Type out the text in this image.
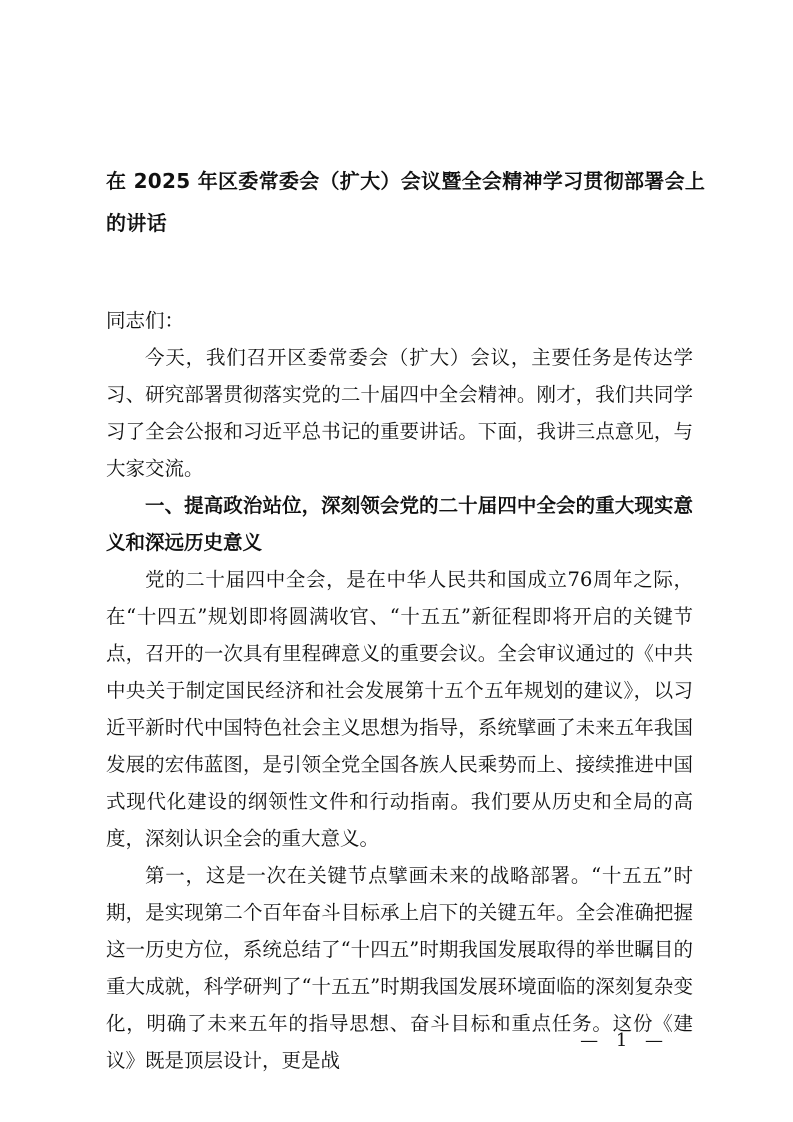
在 2025 年区委常委会（扩大）会议暨全会精神学习贯彻部署会上的讲话

同志们：

今天，我们召开区委常委会（扩大）会议，主要任务是传达学习、研究部署贯彻落实党的二十届四中全会精神。刚才，我们共同学习了全会公报和习近平总书记的重要讲话。下面，我讲三点意见，与大家交流。

一、提高政治站位，深刻领会党的二十届四中全会的重大现实意义和深远历史意义

党的二十届四中全会，是在中华人民共和国成立76周年之际，在“十四五”规划即将圆满收官、“十五五”新征程即将开启的关键节点，召开的一次具有里程碑意义的重要会议。全会审议通过的《中共中央关于制定国民经济和社会发展第十五个五年规划的建议》，以习近平新时代中国特色社会主义思想为指导，系统擘画了未来五年我国发展的宏伟蓝图，是引领全党全国各族人民乘势而上、接续推进中国式现代化建设的纲领性文件和行动指南。我们要从历史和全局的高度，深刻认识全会的重大意义。

第一，这是一次在关键节点擘画未来的战略部署。“十五五”时期，是实现第二个百年奋斗目标承上启下的关键五年。全会准确把握这一历史方位，系统总结了“十四五”时期我国发展取得的举世瞩目的重大成就，科学研判了“十五五”时期我国发展环境面临的深刻复杂变化，明确了未来五年的指导思想、奋斗目标和重点任务。这份《建议》既是顶层设计，更是战

— 1 —
